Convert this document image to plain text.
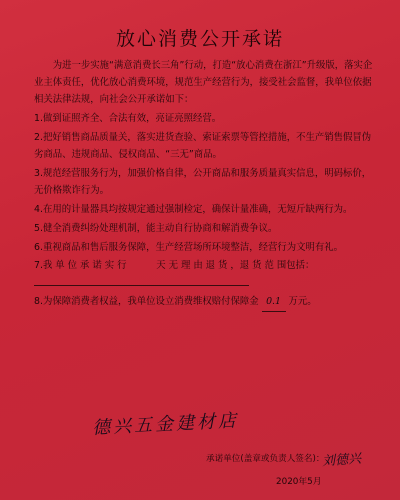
放心消费公开承诺

为进一步实施“满意消费长三角”行动，打造“放心消费在浙江”升级版，落实企业主体责任，优化放心消费环境，规范生产经营行为，接受社会监督，我单位依据相关法律法规，向社会公开承诺如下：

1.做到证照齐全、合法有效，亮证亮照经营。

2.把好销售商品质量关，落实进货查验、索证索票等管控措施，不生产销售假冒伪劣商品、违规商品、侵权商品、“三无”商品。

3.规范经营服务行为，加强价格自律，公开商品和服务质量真实信息，明码标价，无价格欺诈行为。

4.在用的计量器具均按规定通过强制检定，确保计量准确，无短斤缺两行为。

5.健全消费纠纷处理机制，能主动自行协商和解消费争议。

6.重视商品和售后服务保障，生产经营场所环境整洁，经营行为文明有礼。

7.我 单 位 承 诺 实 行	天 无 理 由 退 货 ，退 货 范 围包括：

8.为保障消费者权益，我单位设立消费维权赔付保障金 0.1 万元。

德兴五金建材店
承诺单位(盖章或负责人签名)：
刘德兴
2020年5月
